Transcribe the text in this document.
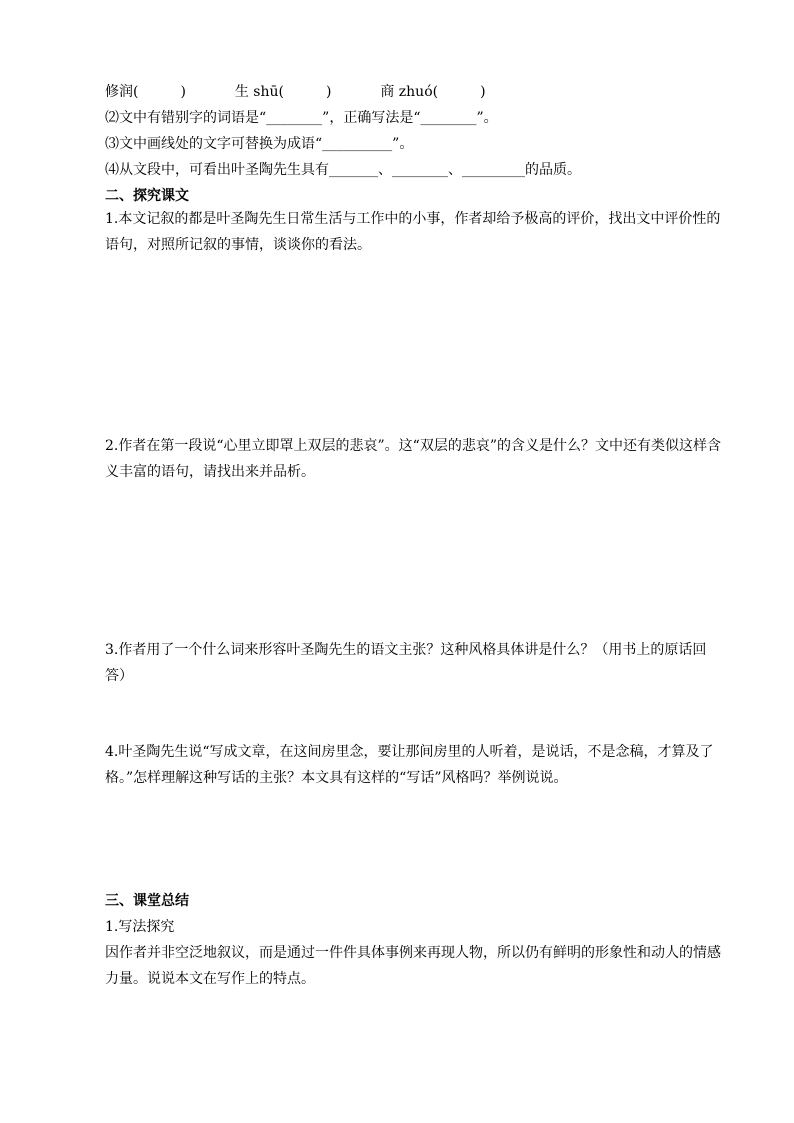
修润(　　　)	生 shū(　　　)	商 zhuó(　　　)
⑵文中有错别字的词语是“________”，正确写法是“________”。
⑶文中画线处的文字可替换为成语“__________”。
⑷从文段中，可看出叶圣陶先生具有_______、________、_________的品质。
二、探究课文
1.本文记叙的都是叶圣陶先生日常生活与工作中的小事，作者却给予极高的评价，找出文中评价性的语句，对照所记叙的事情，谈谈你的看法。
2.作者在第一段说“心里立即罩上双层的悲哀”。这“双层的悲哀”的含义是什么？文中还有类似这样含义丰富的语句，请找出来并品析。
3.作者用了一个什么词来形容叶圣陶先生的语文主张？这种风格具体讲是什么？（用书上的原话回答）
4.叶圣陶先生说“写成文章，在这间房里念，要让那间房里的人听着，是说话，不是念稿，才算及了格。”怎样理解这种写话的主张？本文具有这样的“写话”风格吗？举例说说。
三、课堂总结
1.写法探究
因作者并非空泛地叙议，而是通过一件件具体事例来再现人物，所以仍有鲜明的形象性和动人的情感力量。说说本文在写作上的特点。
